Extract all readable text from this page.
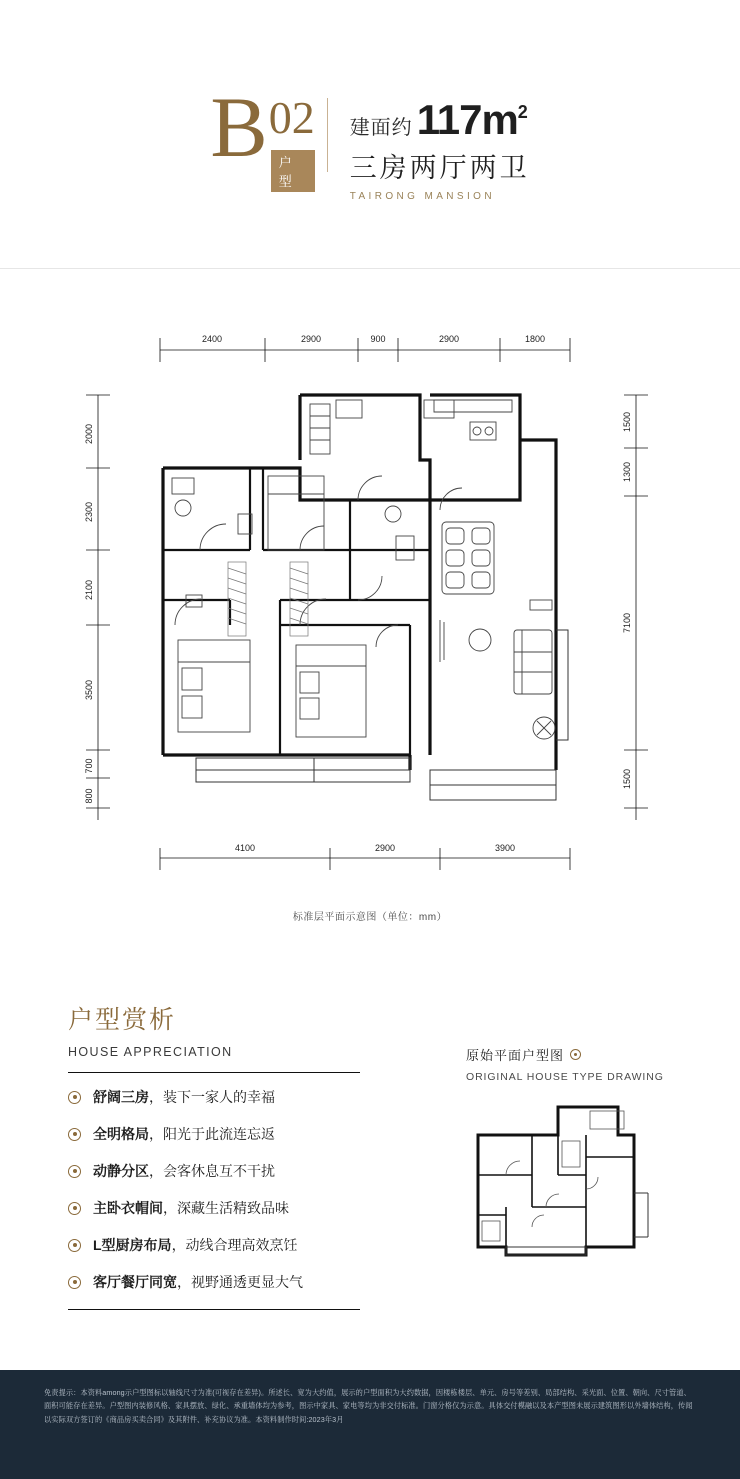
B 02
户型
建面约 117m 2
三房两厅两卫
TAIRONG MANSION
2400	2900	900	2900	1800
2000
2300
2100
3500
700
800
1500
1300
7100
1500
4100	2900	3900
标准层平面示意图（单位：mm）
户型赏析
HOUSE APPRECIATION
舒阔三房，装下一家人的幸福
全明格局，阳光于此流连忘返
动静分区，会客休息互不干扰
主卧衣帽间，深藏生活精致品味
L型厨房布局，动线合理高效烹饪
客厅餐厅同宽，视野通透更显大气
原始平面户型图
ORIGINAL HOUSE TYPE DRAWING

免责提示：本资料among示户型图标以轴线尺寸为准(可视存在差异)。所述长、宽为大约值，展示的户型面积为大约数据，因楼栋楼层、单元、房号等差别、局部结构、采光面、位置、朝向、尺寸管道、面积可能存在差异。户型图内装修风格、家具摆放、绿化、承重墙体均为参考，图示中家具、家电等均为非交付标准。门窗分格仅为示意。具体交付模融以及本产型图未展示建筑图形以外墙体结构，传闻以实际双方签订的《商品房买卖合同》及其附件、补充协议为准。本资料制作时间:2023年3月
